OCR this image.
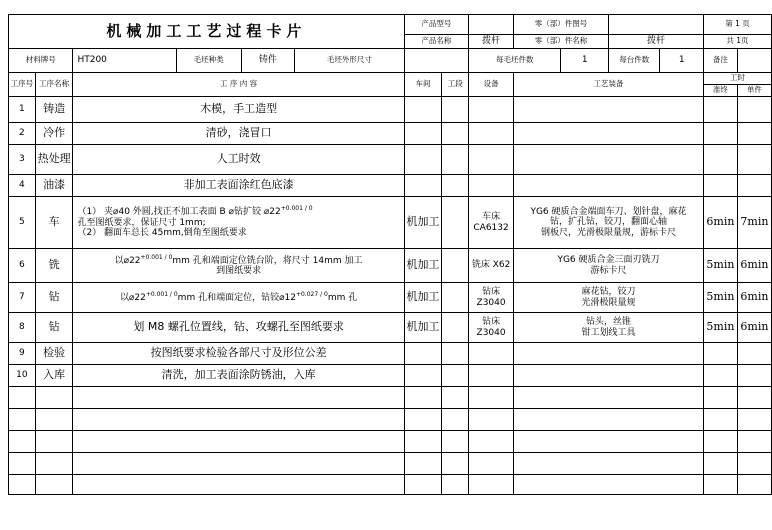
机械加工工艺过程卡片						产品型号			零（部）件图号				第 1 页	
						产品名称		拨杆	零（部）件名称		拨杆		共 1页	
材料牌号		HT200	毛坯种类	铸件	毛坯外形尺寸			每毛坯件数		1	每台件数	1	备注	
工序号	工序名称	工 序 内 容				车间	工段	设备	工艺装备				工时	
													准终	单件
1	铸造	木模，手工造型												
2	冷作	清砂，浇冒口												
3	热处理	人工时效												
4	油漆	非加工表面涂红色底漆												
5	车	（1） 夹⌀40 外圆,找正不加工表面 B ⌀钻扩铰 $⌀22^{+0.001 / 0}$
孔至图纸要求，保证尺寸 1mm;
（2） 翻面车总长 45mm,倒角至图纸要求				机加工		车床 CA6132	YG6 硬质合金端面车刀、划针盘，麻花
钻，扩孔钻，铰刀，翻面心轴
钢板尺，光滑极限量规，游标卡尺				6min	7min
6	铣	以$⌀22^{+0.001 / 0}mm$ 孔和端面定位铣台阶，将尺寸 14mm 加工
到图纸要求				机加工		铣床 X62	YG6 硬质合金三面刃铣刀
游标卡尺				5min	6min
7	钻	以$⌀22^{+0.001 / 0}mm$ 孔和端面定位，钻铰$⌀12^{+0.027 / 0}mm$ 孔				机加工		钻床 Z3040	麻花钻，铰刀
光滑极限量规				5min	6min
8	钻	划 M8 螺孔位置线，钻、攻螺孔至图纸要求				机加工		钻床 Z3040	钻头，丝锥
钳工划线工具				5min	6min
9	检验	按图纸要求检验各部尺寸及形位公差												
10	入库	清洗，加工表面涂防锈油，入库												
